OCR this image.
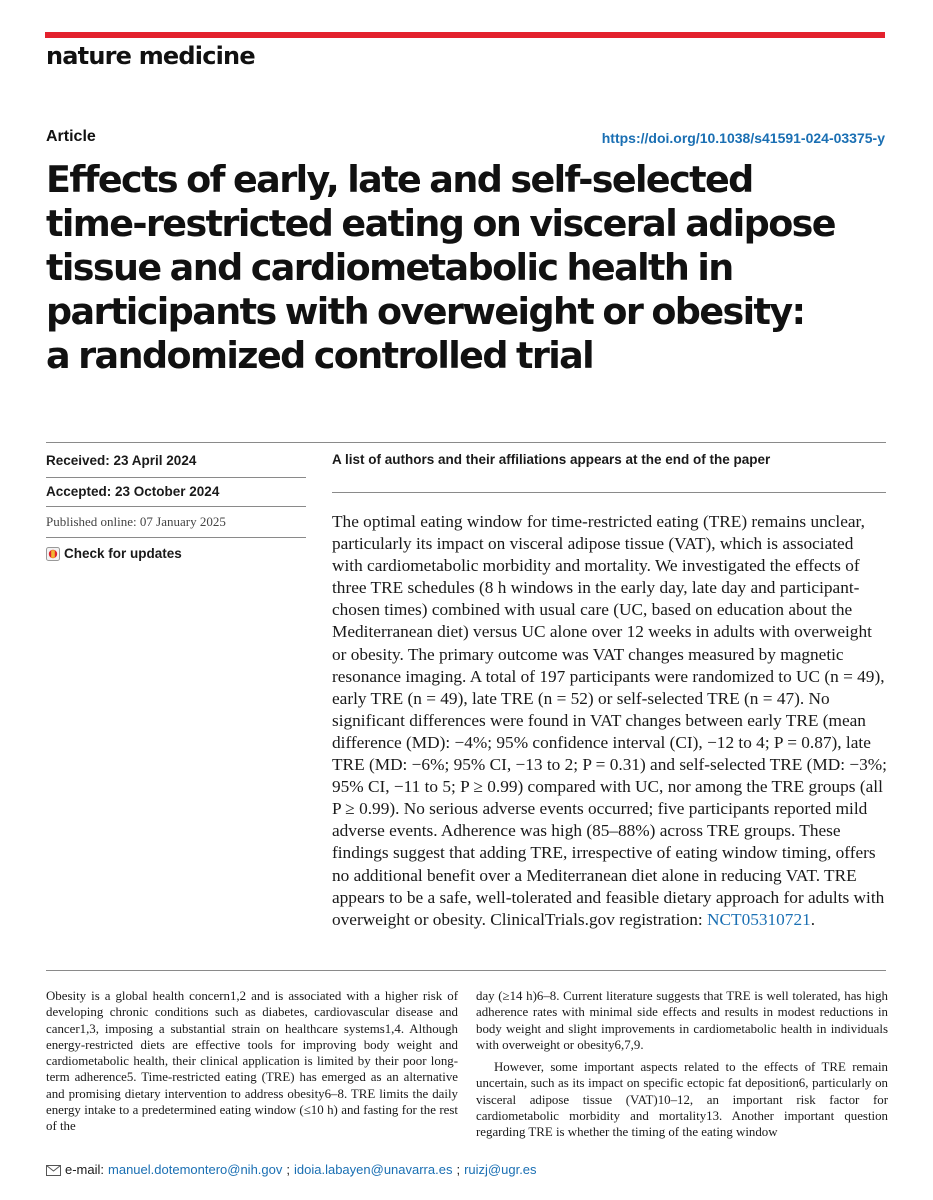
nature medicine
Article	https://doi.org/10.1038/s41591-024-03375-y
Effects of early, late and self-selected
time-restricted eating on visceral adipose
tissue and cardiometabolic health in
participants with overweight or obesity:
a randomized controlled trial
Received: 23 April 2024
Accepted: 23 October 2024
Published online: 07 January 2025
Check for updates
A list of authors and their affiliations appears at the end of the paper

The optimal eating window for time-restricted eating (TRE) remains unclear, particularly its impact on visceral adipose tissue (VAT), which is associated with cardiometabolic morbidity and mortality. We investigated the effects of three TRE schedules (8 h windows in the early day, late day and participant-chosen times) combined with usual care (UC, based on education about the Mediterranean diet) versus UC alone over 12 weeks in adults with overweight or obesity. The primary outcome was VAT changes measured by magnetic resonance imaging. A total of 197 participants were randomized to UC (n = 49), early TRE (n = 49), late TRE (n = 52) or self-selected TRE (n = 47). No significant differences were found in VAT changes between early TRE (mean difference (MD): −4%; 95% confidence interval (CI), −12 to 4; P = 0.87), late TRE (MD: −6%; 95% CI, −13 to 2; P = 0.31) and self-selected TRE (MD: −3%; 95% CI, −11 to 5; P ≥ 0.99) compared with UC, nor among the TRE groups (all P ≥ 0.99). No serious adverse events occurred; five participants reported mild adverse events. Adherence was high (85–88%) across TRE groups. These findings suggest that adding TRE, irrespective of eating window timing, offers no additional benefit over a Mediterranean diet alone in reducing VAT. TRE appears to be a safe, well-tolerated and feasible dietary approach for adults with overweight or obesity. ClinicalTrials.gov registration: NCT05310721.

Obesity is a global health concern1,2 and is associated with a higher risk of developing chronic conditions such as diabetes, cardiovascular disease and cancer1,3, imposing a substantial strain on healthcare systems1,4. Although energy-restricted diets are effective tools for improving body weight and cardiometabolic health, their clinical application is limited by their poor long-term adherence5. Time-restricted eating (TRE) has emerged as an alternative and promising dietary intervention to address obesity6–8. TRE limits the daily energy intake to a predetermined eating window (≤10 h) and fasting for the rest of the

day (≥14 h)6–8. Current literature suggests that TRE is well tolerated, has high adherence rates with minimal side effects and results in modest reductions in body weight and slight improvements in cardiometabolic health in individuals with overweight or obesity6,7,9.

However, some important aspects related to the effects of TRE remain uncertain, such as its impact on specific ectopic fat deposition6, particularly on visceral adipose tissue (VAT)10–12, an important risk factor for cardiometabolic morbidity and mortality13. Another important question regarding TRE is whether the timing of the eating window

e-mail: manuel.dotemontero@nih.gov ; idoia.labayen@unavarra.es ; ruizj@ugr.es
